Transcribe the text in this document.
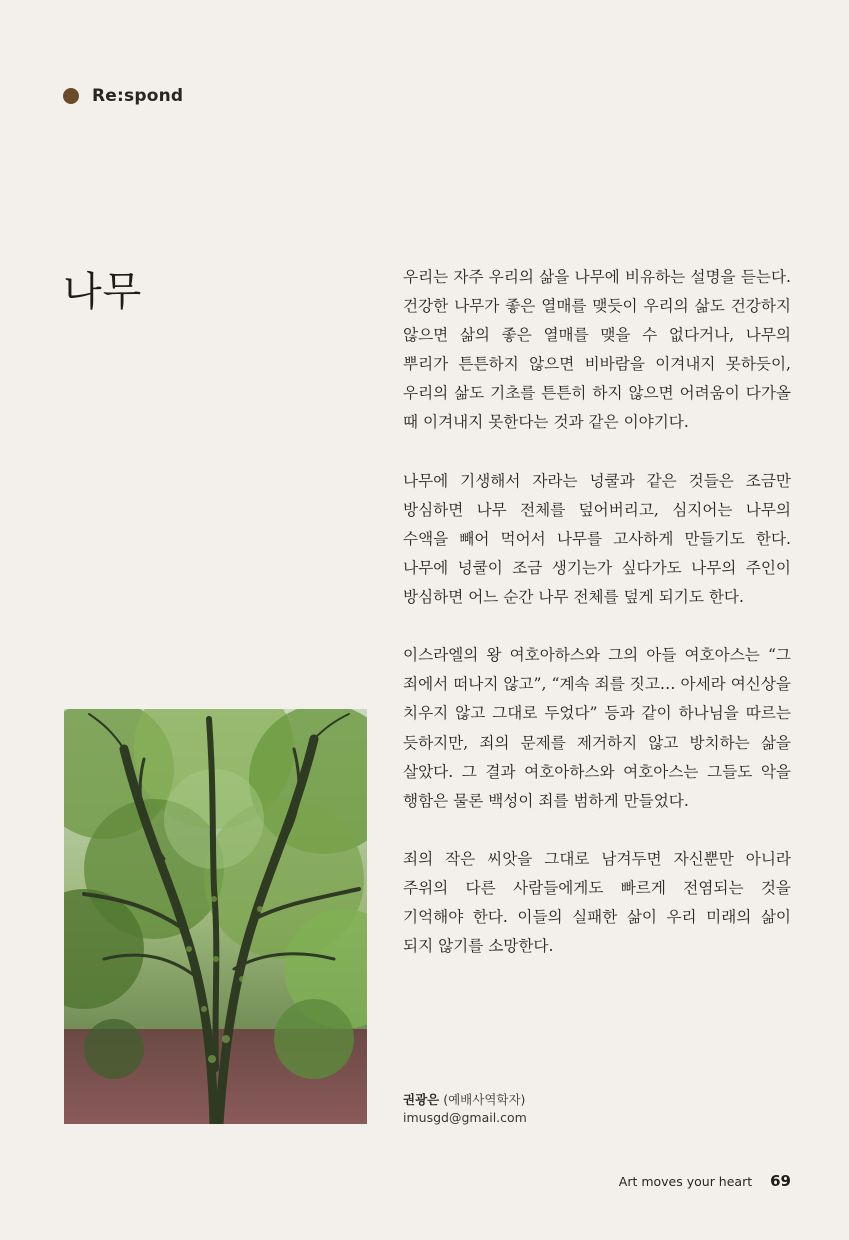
Re:spond
나무	우리는 자주 우리의 삶을 나무에 비유하는 설명을 듣는다. 건강한 나무가 좋은 열매를 맺듯이 우리의 삶도 건강하지 않으면 삶의 좋은 열매를 맺을 수 없다거나, 나무의 뿌리가 튼튼하지 않으면 비바람을 이겨내지 못하듯이, 우리의 삶도 기초를 튼튼히 하지 않으면 어려움이 다가올 때 이겨내지 못한다는 것과 같은 이야기다.

나무에 기생해서 자라는 넝쿨과 같은 것들은 조금만 방심하면 나무 전체를 덮어버리고, 심지어는 나무의 수액을 빼어 먹어서 나무를 고사하게 만들기도 한다. 나무에 넝쿨이 조금 생기는가 싶다가도 나무의 주인이 방심하면 어느 순간 나무 전체를 덮게 되기도 한다.

이스라엘의 왕 여호아하스와 그의 아들 여호아스는 “그 죄에서 떠나지 않고”, “계속 죄를 짓고… 아세라 여신상을 치우지 않고 그대로 두었다” 등과 같이 하나님을 따르는 듯하지만, 죄의 문제를 제거하지 않고 방치하는 삶을 살았다. 그 결과 여호아하스와 여호아스는 그들도 악을 행함은 물론 백성이 죄를 범하게 만들었다.

죄의 작은 씨앗을 그대로 남겨두면 자신뿐만 아니라 주위의 다른 사람들에게도 빠르게 전염되는 것을 기억해야 한다. 이들의 실패한 삶이 우리 미래의 삶이 되지 않기를 소망한다.

권광은 (예배사역학자)
imusgd@gmail.com
Art moves your heart 69
